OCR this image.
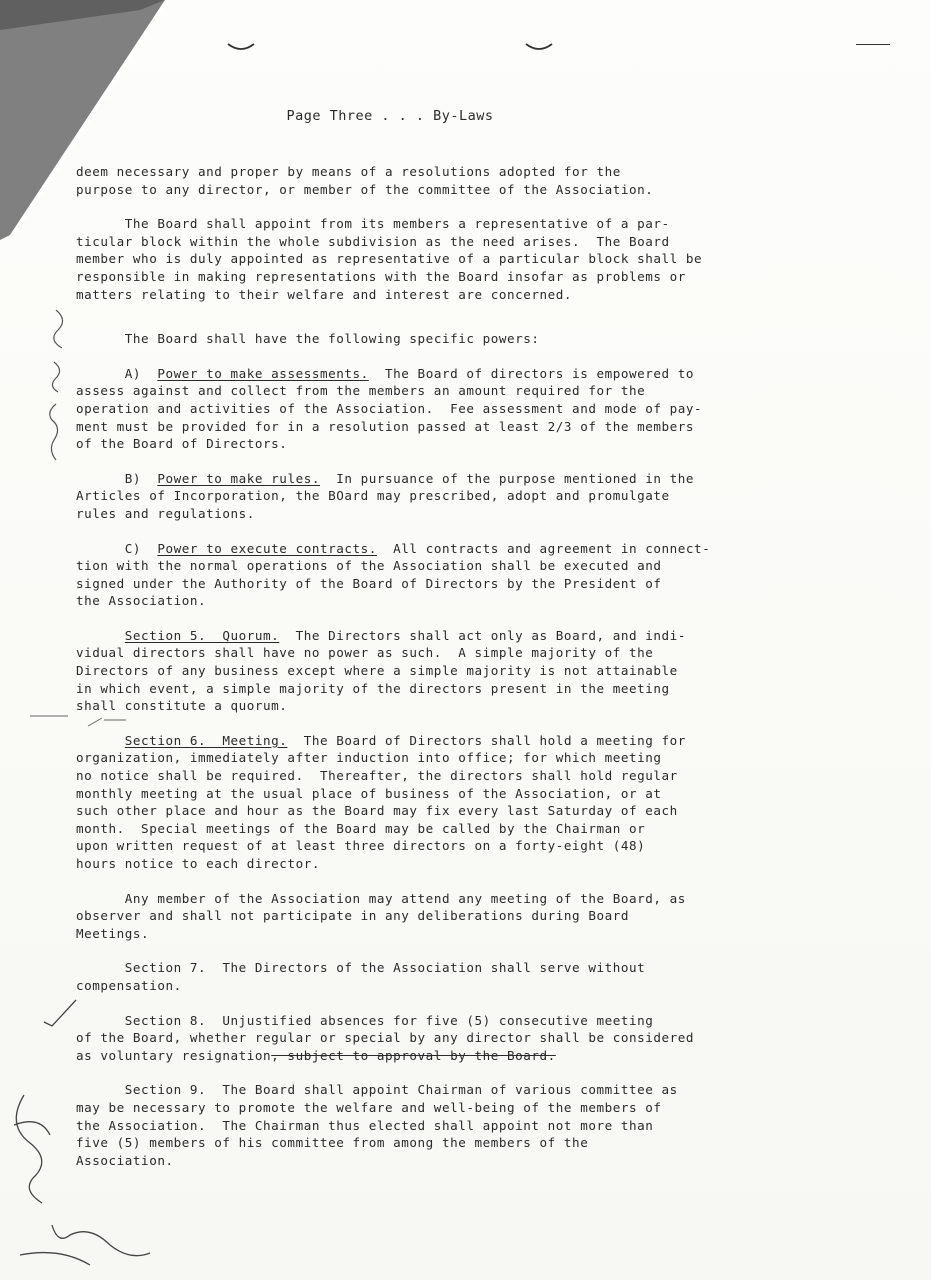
Page Three . . . By-Laws

deem necessary and proper by means of a resolutions adopted for the
purpose to any director, or member of the committee of the Association.

The Board shall appoint from its members a representative of a par-
ticular block within the whole subdivision as the need arises.  The Board
member who is duly appointed as representative of a particular block shall be
responsible in making representations with the Board insofar as problems or
matters relating to their welfare and interest are concerned.

The Board shall have the following specific powers:

A)  Power to make assessments.  The Board of directors is empowered to
assess against and collect from the members an amount required for the
operation and activities of the Association.  Fee assessment and mode of pay-
ment must be provided for in a resolution passed at least 2/3 of the members
of the Board of Directors.

B)  Power to make rules.  In pursuance of the purpose mentioned in the
Articles of Incorporation, the BOard may prescribed, adopt and promulgate
rules and regulations.

C)  Power to execute contracts.  All contracts and agreement in connect-
tion with the normal operations of the Association shall be executed and
signed under the Authority of the Board of Directors by the President of
the Association.

Section 5.  Quorum.  The Directors shall act only as Board, and indi-
vidual directors shall have no power as such.  A simple majority of the
Directors of any business except where a simple majority is not attainable
in which event, a simple majority of the directors present in the meeting
shall constitute a quorum.

Section 6.  Meeting.  The Board of Directors shall hold a meeting for
organization, immediately after induction into office; for which meeting
no notice shall be required.  Thereafter, the directors shall hold regular
monthly meeting at the usual place of business of the Association, or at
such other place and hour as the Board may fix every last Saturday of each
month.  Special meetings of the Board may be called by the Chairman or
upon written request of at least three directors on a forty-eight (48)
hours notice to each director.

Any member of the Association may attend any meeting of the Board, as
observer and shall not participate in any deliberations during Board
Meetings.

Section 7.  The Directors of the Association shall serve without
compensation.

Section 8.  Unjustified absences for five (5) consecutive meeting
of the Board, whether regular or special by any director shall be considered
as voluntary resignation, subject to approval by the Board.

Section 9.  The Board shall appoint Chairman of various committee as
may be necessary to promote the welfare and well-being of the members of
the Association.  The Chairman thus elected shall appoint not more than
five (5) members of his committee from among the members of the
Association.
